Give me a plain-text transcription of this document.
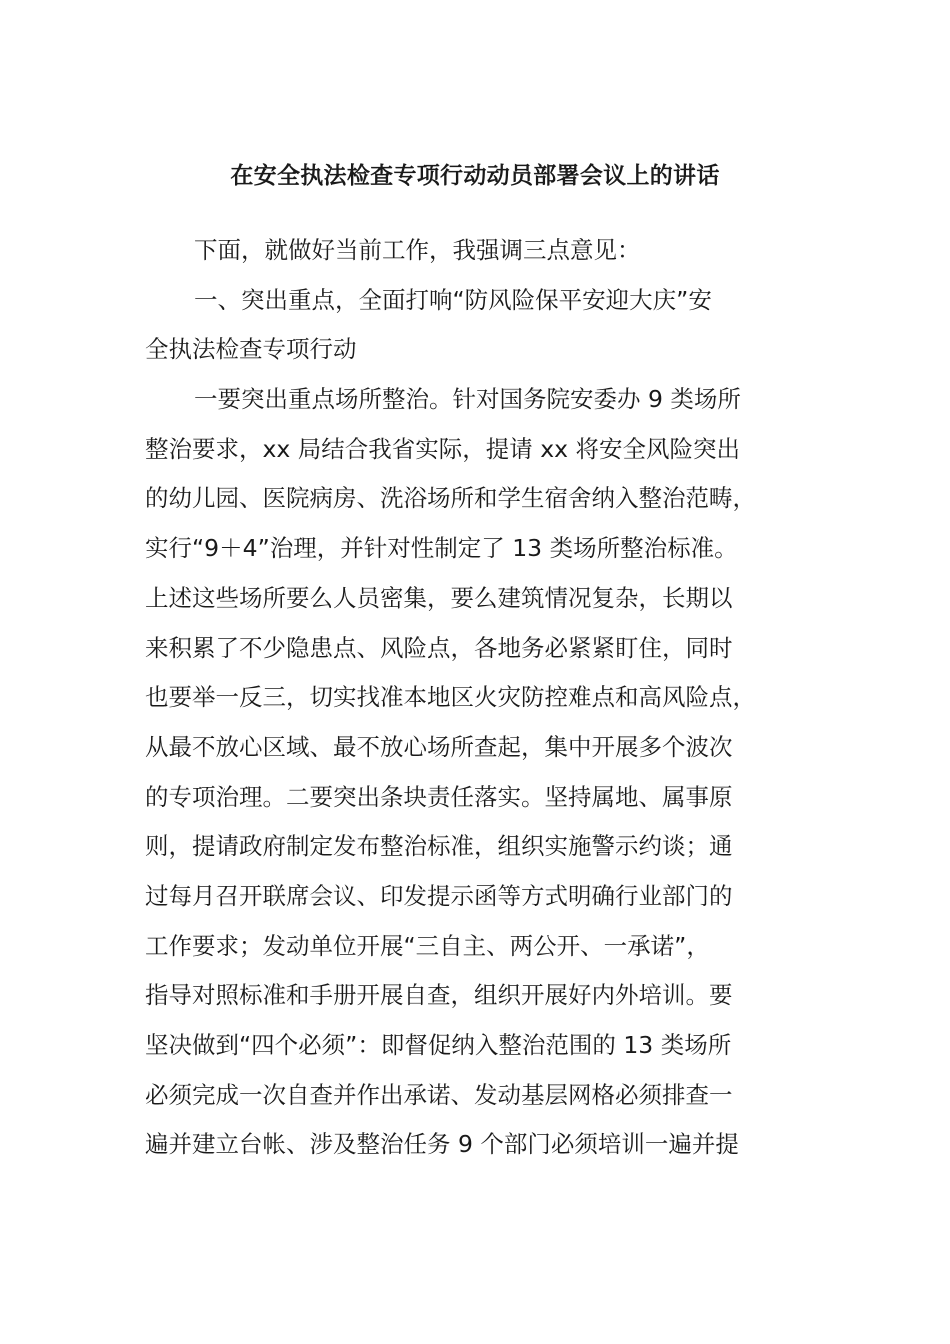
在安全执法检查专项行动动员部署会议上的讲话
下面，就做好当前工作，我强调三点意见：
一、突出重点，全面打响“防风险保平安迎大庆”安
全执法检查专项行动
一要突出重点场所整治。针对国务院安委办 9 类场所
整治要求，xx 局结合我省实际，提请 xx 将安全风险突出
的幼儿园、医院病房、洗浴场所和学生宿舍纳入整治范畴，
实行“9＋4”治理，并针对性制定了 13 类场所整治标准。
上述这些场所要么人员密集，要么建筑情况复杂，长期以
来积累了不少隐患点、风险点，各地务必紧紧盯住，同时
也要举一反三，切实找准本地区火灾防控难点和高风险点，
从最不放心区域、最不放心场所查起，集中开展多个波次
的专项治理。二要突出条块责任落实。坚持属地、属事原
则，提请政府制定发布整治标准，组织实施警示约谈；通
过每月召开联席会议、印发提示函等方式明确行业部门的
工作要求；发动单位开展“三自主、两公开、一承诺”，
指导对照标准和手册开展自查，组织开展好内外培训。要
坚决做到“四个必须”：即督促纳入整治范围的 13 类场所
必须完成一次自查并作出承诺、发动基层网格必须排查一
遍并建立台帐、涉及整治任务 9 个部门必须培训一遍并提
